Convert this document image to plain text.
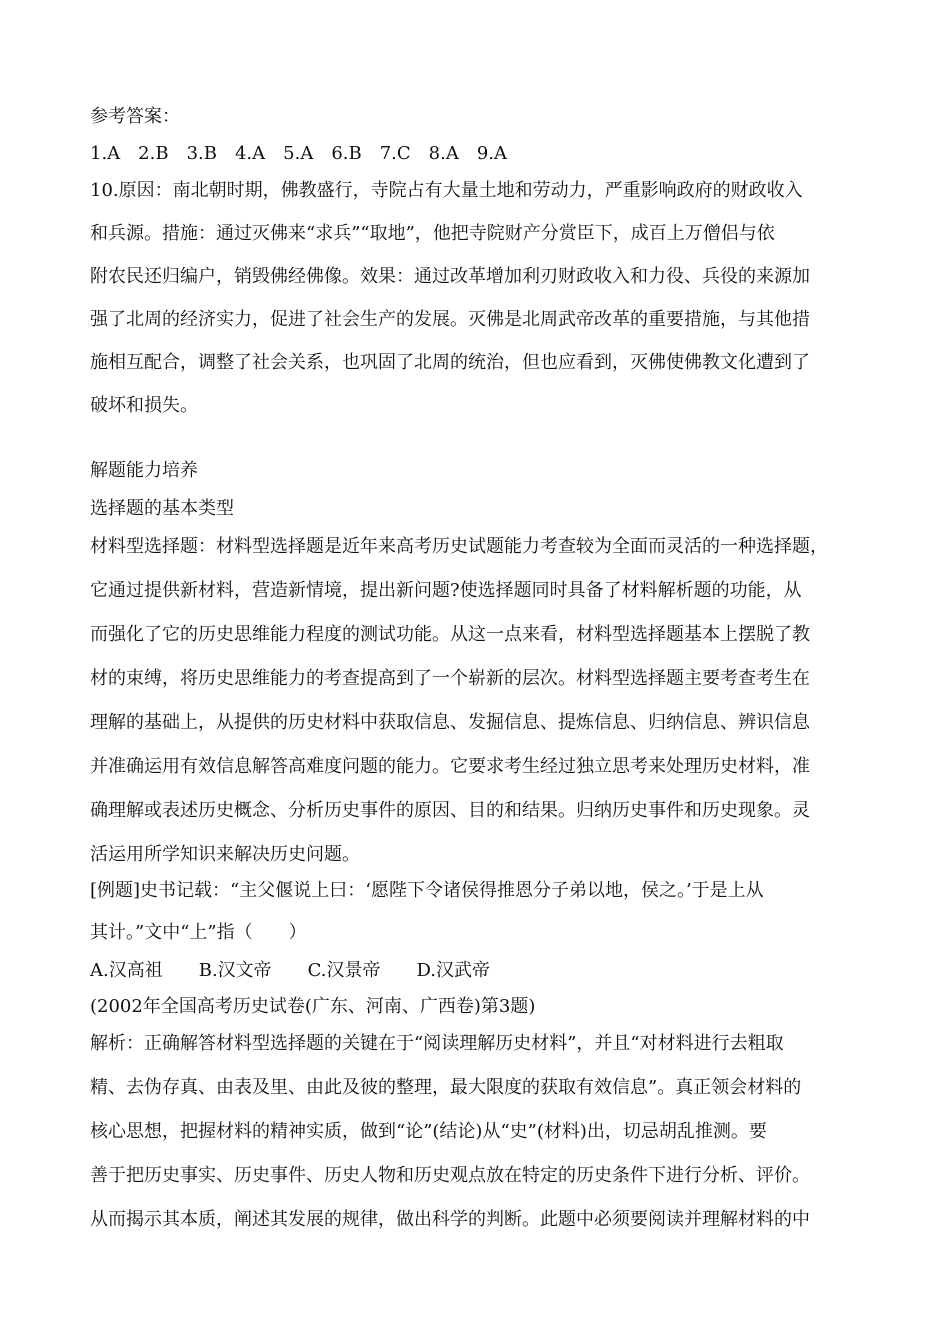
参考答案：
1.A　2.B　3.B　4.A　5.A　6.B　7.C　8.A　9.A
10.原因：南北朝时期，佛教盛行，寺院占有大量土地和劳动力，严重影响政府的财政收入
和兵源。措施：通过灭佛来“求兵”“取地”，他把寺院财产分赏臣下，成百上万僧侣与依
附农民还归编户，销毁佛经佛像。效果：通过改革增加利刃财政收入和力役、兵役的来源加
强了北周的经济实力，促进了社会生产的发展。灭佛是北周武帝改革的重要措施，与其他措
施相互配合，调整了社会关系，也巩固了北周的统治，但也应看到，灭佛使佛教文化遭到了
破坏和损失。
解题能力培养
选择题的基本类型
材料型选择题：材料型选择题是近年来高考历史试题能力考查较为全面而灵活的一种选择题，
它通过提供新材料，营造新情境，提出新问题?使选择题同时具备了材料解析题的功能，从
而强化了它的历史思维能力程度的测试功能。从这一点来看，材料型选择题基本上摆脱了教
材的束缚，将历史思维能力的考查提高到了一个崭新的层次。材料型选择题主要考查考生在
理解的基础上，从提供的历史材料中获取信息、发掘信息、提炼信息、归纳信息、辨识信息
并准确运用有效信息解答高难度问题的能力。它要求考生经过独立思考来处理历史材料，准
确理解或表述历史概念、分析历史事件的原因、目的和结果。归纳历史事件和历史现象。灵
活运用所学知识来解决历史问题。
[例题]史书记载：“主父偃说上曰：‘愿陛下令诸侯得推恩分子弟以地，侯之。’于是上从
其计。”文中“上”指（　　）
A.汉高祖　　B.汉文帝　　C.汉景帝　　D.汉武帝
(2002年全国高考历史试卷(广东、河南、广西卷)第3题)
解析：正确解答材料型选择题的关键在于“阅读理解历史材料”，并且“对材料进行去粗取
精、去伪存真、由表及里、由此及彼的整理，最大限度的获取有效信息”。真正领会材料的
核心思想，把握材料的精神实质，做到“论”(结论)从“史”(材料)出，切忌胡乱推测。要
善于把历史事实、历史事件、历史人物和历史观点放在特定的历史条件下进行分析、评价。
从而揭示其本质，阐述其发展的规律，做出科学的判断。此题中必须要阅读并理解材料的中
